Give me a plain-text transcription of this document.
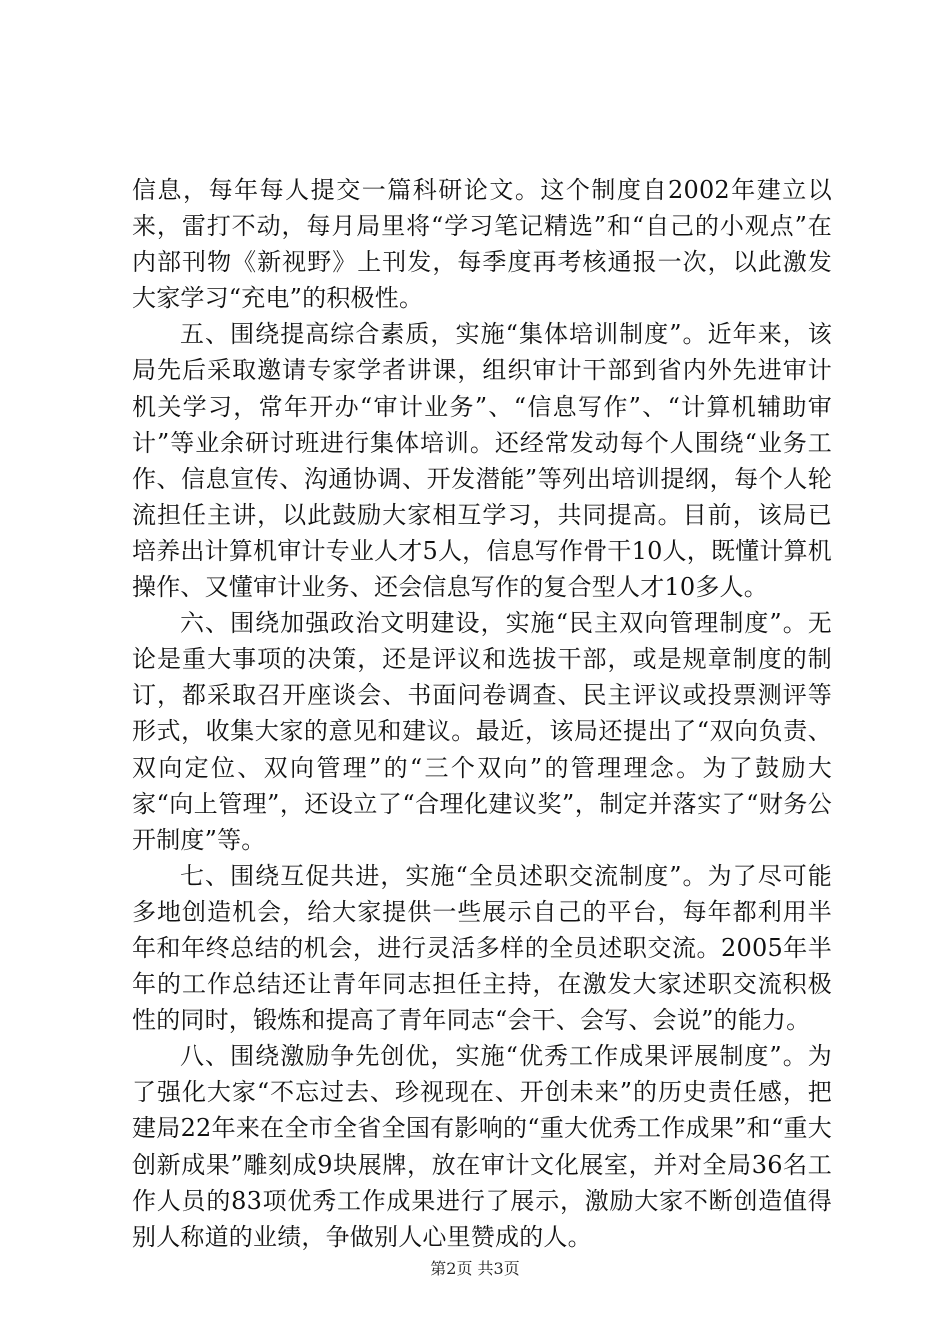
信息，每年每人提交一篇科研论文。这个制度自2002年建立以来，雷打不动，每月局里将“学习笔记精选”和“自己的小观点”在内部刊物《新视野》上刊发，每季度再考核通报一次，以此激发大家学习“充电”的积极性。

五、围绕提高综合素质，实施“集体培训制度”。近年来，该局先后采取邀请专家学者讲课，组织审计干部到省内外先进审计机关学习，常年开办“审计业务”、“信息写作”、“计算机辅助审计”等业余研讨班进行集体培训。还经常发动每个人围绕“业务工作、信息宣传、沟通协调、开发潜能”等列出培训提纲，每个人轮流担任主讲，以此鼓励大家相互学习，共同提高。目前，该局已培养出计算机审计专业人才5人，信息写作骨干10人，既懂计算机操作、又懂审计业务、还会信息写作的复合型人才10多人。

六、围绕加强政治文明建设，实施“民主双向管理制度”。无论是重大事项的决策，还是评议和选拔干部，或是规章制度的制订，都采取召开座谈会、书面问卷调查、民主评议或投票测评等形式，收集大家的意见和建议。最近，该局还提出了“双向负责、双向定位、双向管理”的“三个双向”的管理理念。为了鼓励大家“向上管理”，还设立了“合理化建议奖”，制定并落实了“财务公开制度”等。

七、围绕互促共进，实施“全员述职交流制度”。为了尽可能多地创造机会，给大家提供一些展示自己的平台，每年都利用半年和年终总结的机会，进行灵活多样的全员述职交流。2005年半年的工作总结还让青年同志担任主持，在激发大家述职交流积极性的同时，锻炼和提高了青年同志“会干、会写、会说”的能力。

八、围绕激励争先创优，实施“优秀工作成果评展制度”。为了强化大家“不忘过去、珍视现在、开创未来”的历史责任感，把建局22年来在全市全省全国有影响的“重大优秀工作成果”和“重大创新成果”雕刻成9块展牌，放在审计文化展室，并对全局36名工作人员的83项优秀工作成果进行了展示，激励大家不断创造值得别人称道的业绩，争做别人心里赞成的人。

第2页 共3页
